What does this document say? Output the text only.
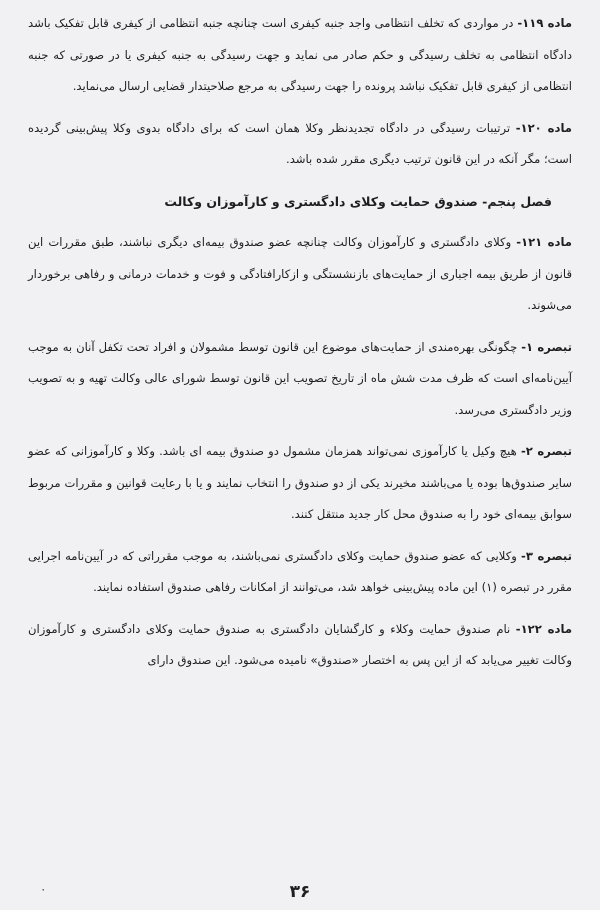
ماده ۱۱۹- در مواردی که تخلف انتظامی واجد جنبه کیفری است چنانچه جنبه انتظامی از کیفری قابل تفکیک باشد دادگاه انتظامی به تخلف رسیدگی و حکم صادر می نماید و جهت رسیدگی به جنبه کیفری یا در صورتی که جنبه انتظامی از کیفری قابل تفکیک نباشد پرونده را جهت رسیدگی به مرجع صلاحیتدار قضایی ارسال می‌نماید.

ماده ۱۲۰- ترتیبات رسیدگی در دادگاه تجدیدنظر وکلا همان است که برای دادگاه بدوی وکلا پیش‌بینی گردیده است؛ مگر آنکه در این قانون ترتیب دیگری مقرر شده باشد.

فصل پنجم- صندوق حمایت وکلای دادگستری و کارآموزان وکالت

ماده ۱۲۱- وکلای دادگستری و کارآموزان وکالت چنانچه عضو صندوق بیمه‌ای دیگری نباشند، طبق مقررات این قانون از طریق بیمه اجباری از حمایت‌های بازنشستگی و ازکارافتادگی و فوت و خدمات درمانی و رفاهی برخوردار می‌شوند.

تبصره ۱- چگونگی بهره‌مندی از حمایت‌های موضوع این قانون توسط مشمولان و افراد تحت تکفل آنان به موجب آیین‌نامه‌ای است که ظرف مدت شش ماه از تاریخ تصویب این قانون توسط شورای عالی وکالت تهیه و به تصویب وزیر دادگستری می‌رسد.

تبصره ۲- هیچ وکیل یا کارآموزی نمی‌تواند همزمان مشمول دو صندوق بیمه ای باشد. وکلا و کارآموزانی که عضو سایر صندوق‌ها بوده یا می‌باشند مخیرند یکی از دو صندوق را انتخاب نمایند و یا با رعایت قوانین و مقررات مربوط سوابق بیمه‌ای خود را به صندوق محل کار جدید منتقل کنند.

تبصره ۳- وکلایی که عضو صندوق حمایت وکلای دادگستری نمی‌باشند، به موجب مقرراتی که در آیین‌نامه اجرایی مقرر در تبصره (۱) این ماده پیش‌بینی خواهد شد، می‌توانند از امکانات رفاهی صندوق استفاده نمایند.

ماده ۱۲۲- نام صندوق حمایت وکلاء و کارگشایان دادگستری به صندوق حمایت وکلای دادگستری و کارآموزان وکالت تغییر می‌یابد که از این پس به اختصار «صندوق» نامیده می‌شود. این صندوق دارای

۰	۳۶
